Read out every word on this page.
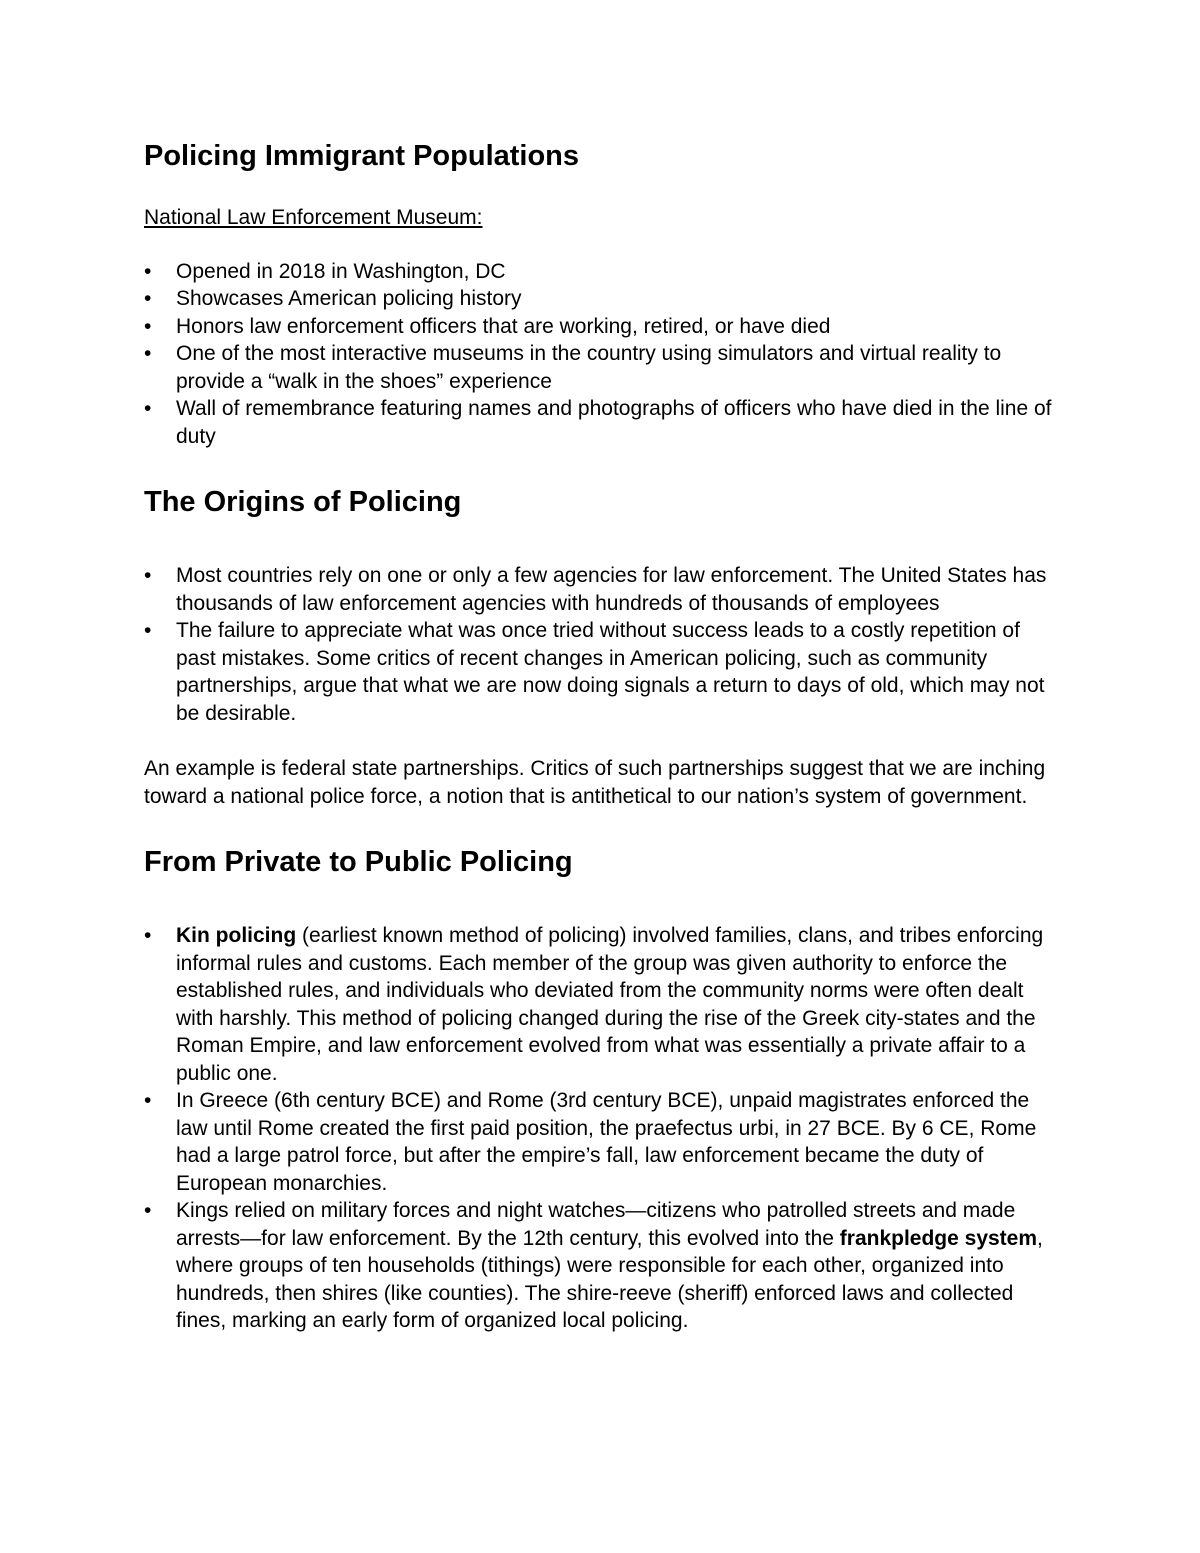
Policing Immigrant Populations

National Law Enforcement Museum:

•	Opened in 2018 in Washington, DC
•	Showcases American policing history
•	Honors law enforcement officers that are working, retired, or have died
•	One of the most interactive museums in the country using simulators and virtual reality to provide a “walk in the shoes” experience
•	Wall of remembrance featuring names and photographs of officers who have died in the line of duty
The Origins of Policing
•	Most countries rely on one or only a few agencies for law enforcement. The United States has thousands of law enforcement agencies with hundreds of thousands of employees
•	The failure to appreciate what was once tried without success leads to a costly repetition of past mistakes. Some critics of recent changes in American policing, such as community partnerships, argue that what we are now doing signals a return to days of old, which may not be desirable.

An example is federal state partnerships. Critics of such partnerships suggest that we are inching toward a national police force, a notion that is antithetical to our nation’s system of government.

From Private to Public Policing
•	Kin policing (earliest known method of policing) involved families, clans, and tribes enforcing informal rules and customs. Each member of the group was given authority to enforce the established rules, and individuals who deviated from the community norms were often dealt with harshly. This method of policing changed during the rise of the Greek city-states and the Roman Empire, and law enforcement evolved from what was essentially a private affair to a public one.
•	In Greece (6th century BCE) and Rome (3rd century BCE), unpaid magistrates enforced the law until Rome created the first paid position, the praefectus urbi, in 27 BCE. By 6 CE, Rome had a large patrol force, but after the empire’s fall, law enforcement became the duty of European monarchies.
•	Kings relied on military forces and night watches—citizens who patrolled streets and made arrests—for law enforcement. By the 12th century, this evolved into the frankpledge system, where groups of ten households (tithings) were responsible for each other, organized into hundreds, then shires (like counties). The shire-reeve (sheriff) enforced laws and collected fines, marking an early form of organized local policing.
